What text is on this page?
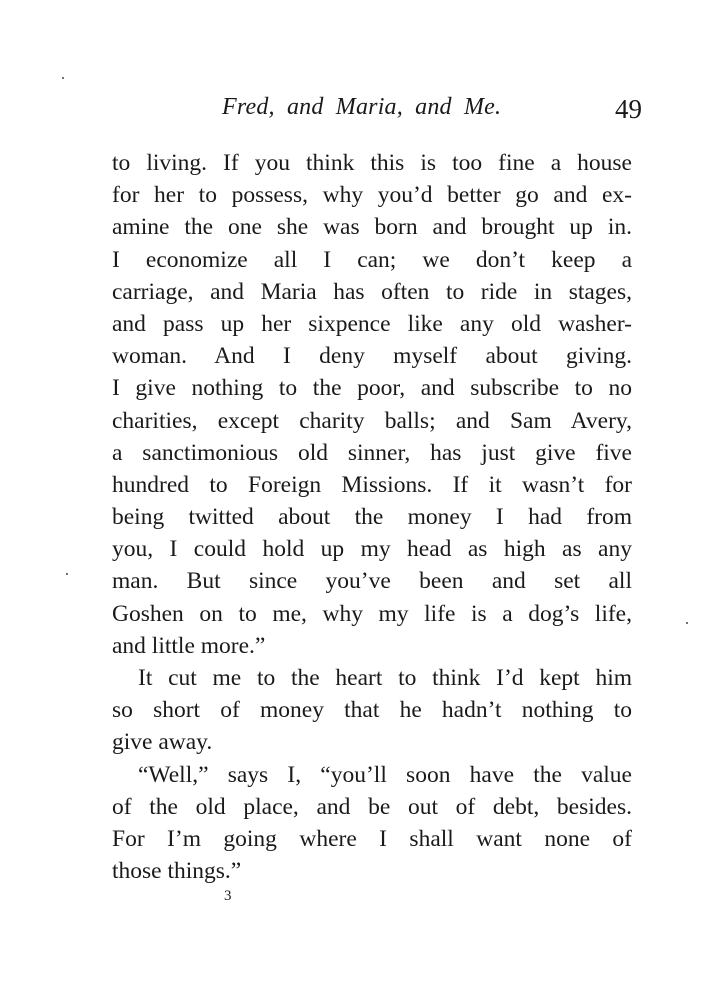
Fred, and Maria, and Me.	49
to living. If you think this is too fine a house
for her to possess, why you’d better go and ex-
amine the one she was born and brought up in.
I economize all I can; we don’t keep a
carriage, and Maria has often to ride in stages,
and pass up her sixpence like any old washer-
woman. And I deny myself about giving.
I give nothing to the poor, and subscribe to no
charities, except charity balls; and Sam Avery,
a sanctimonious old sinner, has just give five
hundred to Foreign Missions. If it wasn’t for
being twitted about the money I had from
you, I could hold up my head as high as any
man. But since you’ve been and set all
Goshen on to me, why my life is a dog’s life,
and little more.”
It cut me to the heart to think I’d kept him
so short of money that he hadn’t nothing to
give away.
“Well,” says I, “you’ll soon have the value
of the old place, and be out of debt, besides.
For I’m going where I shall want none of
those things.”
3
